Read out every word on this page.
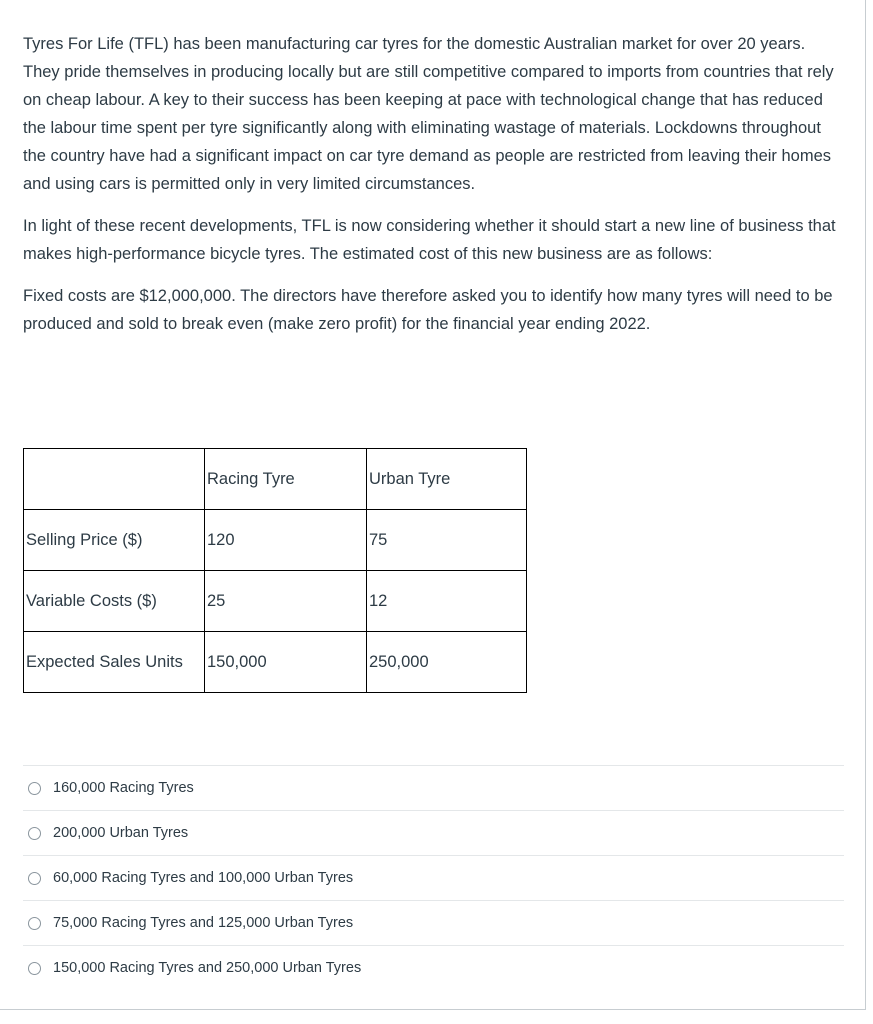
Tyres For Life (TFL) has been manufacturing car tyres for the domestic Australian market for over 20 years. They pride themselves in producing locally but are still competitive compared to imports from countries that rely on cheap labour. A key to their success has been keeping at pace with technological change that has reduced the labour time spent per tyre significantly along with eliminating wastage of materials. Lockdowns throughout the country have had a significant impact on car tyre demand as people are restricted from leaving their homes and using cars is permitted only in very limited circumstances.

In light of these recent developments, TFL is now considering whether it should start a new line of business that makes high-performance bicycle tyres. The estimated cost of this new business are as follows:

Fixed costs are $12,000,000. The directors have therefore asked you to identify how many tyres will need to be produced and sold to break even (make zero profit) for the financial year ending 2022.

	Racing Tyre	Urban Tyre
Selling Price ($)	120	75
Variable Costs ($)	25	12
Expected Sales Units	150,000	250,000
160,000 Racing Tyres
200,000 Urban Tyres
60,000 Racing Tyres and 100,000 Urban Tyres
75,000 Racing Tyres and 125,000 Urban Tyres
150,000 Racing Tyres and 250,000 Urban Tyres
